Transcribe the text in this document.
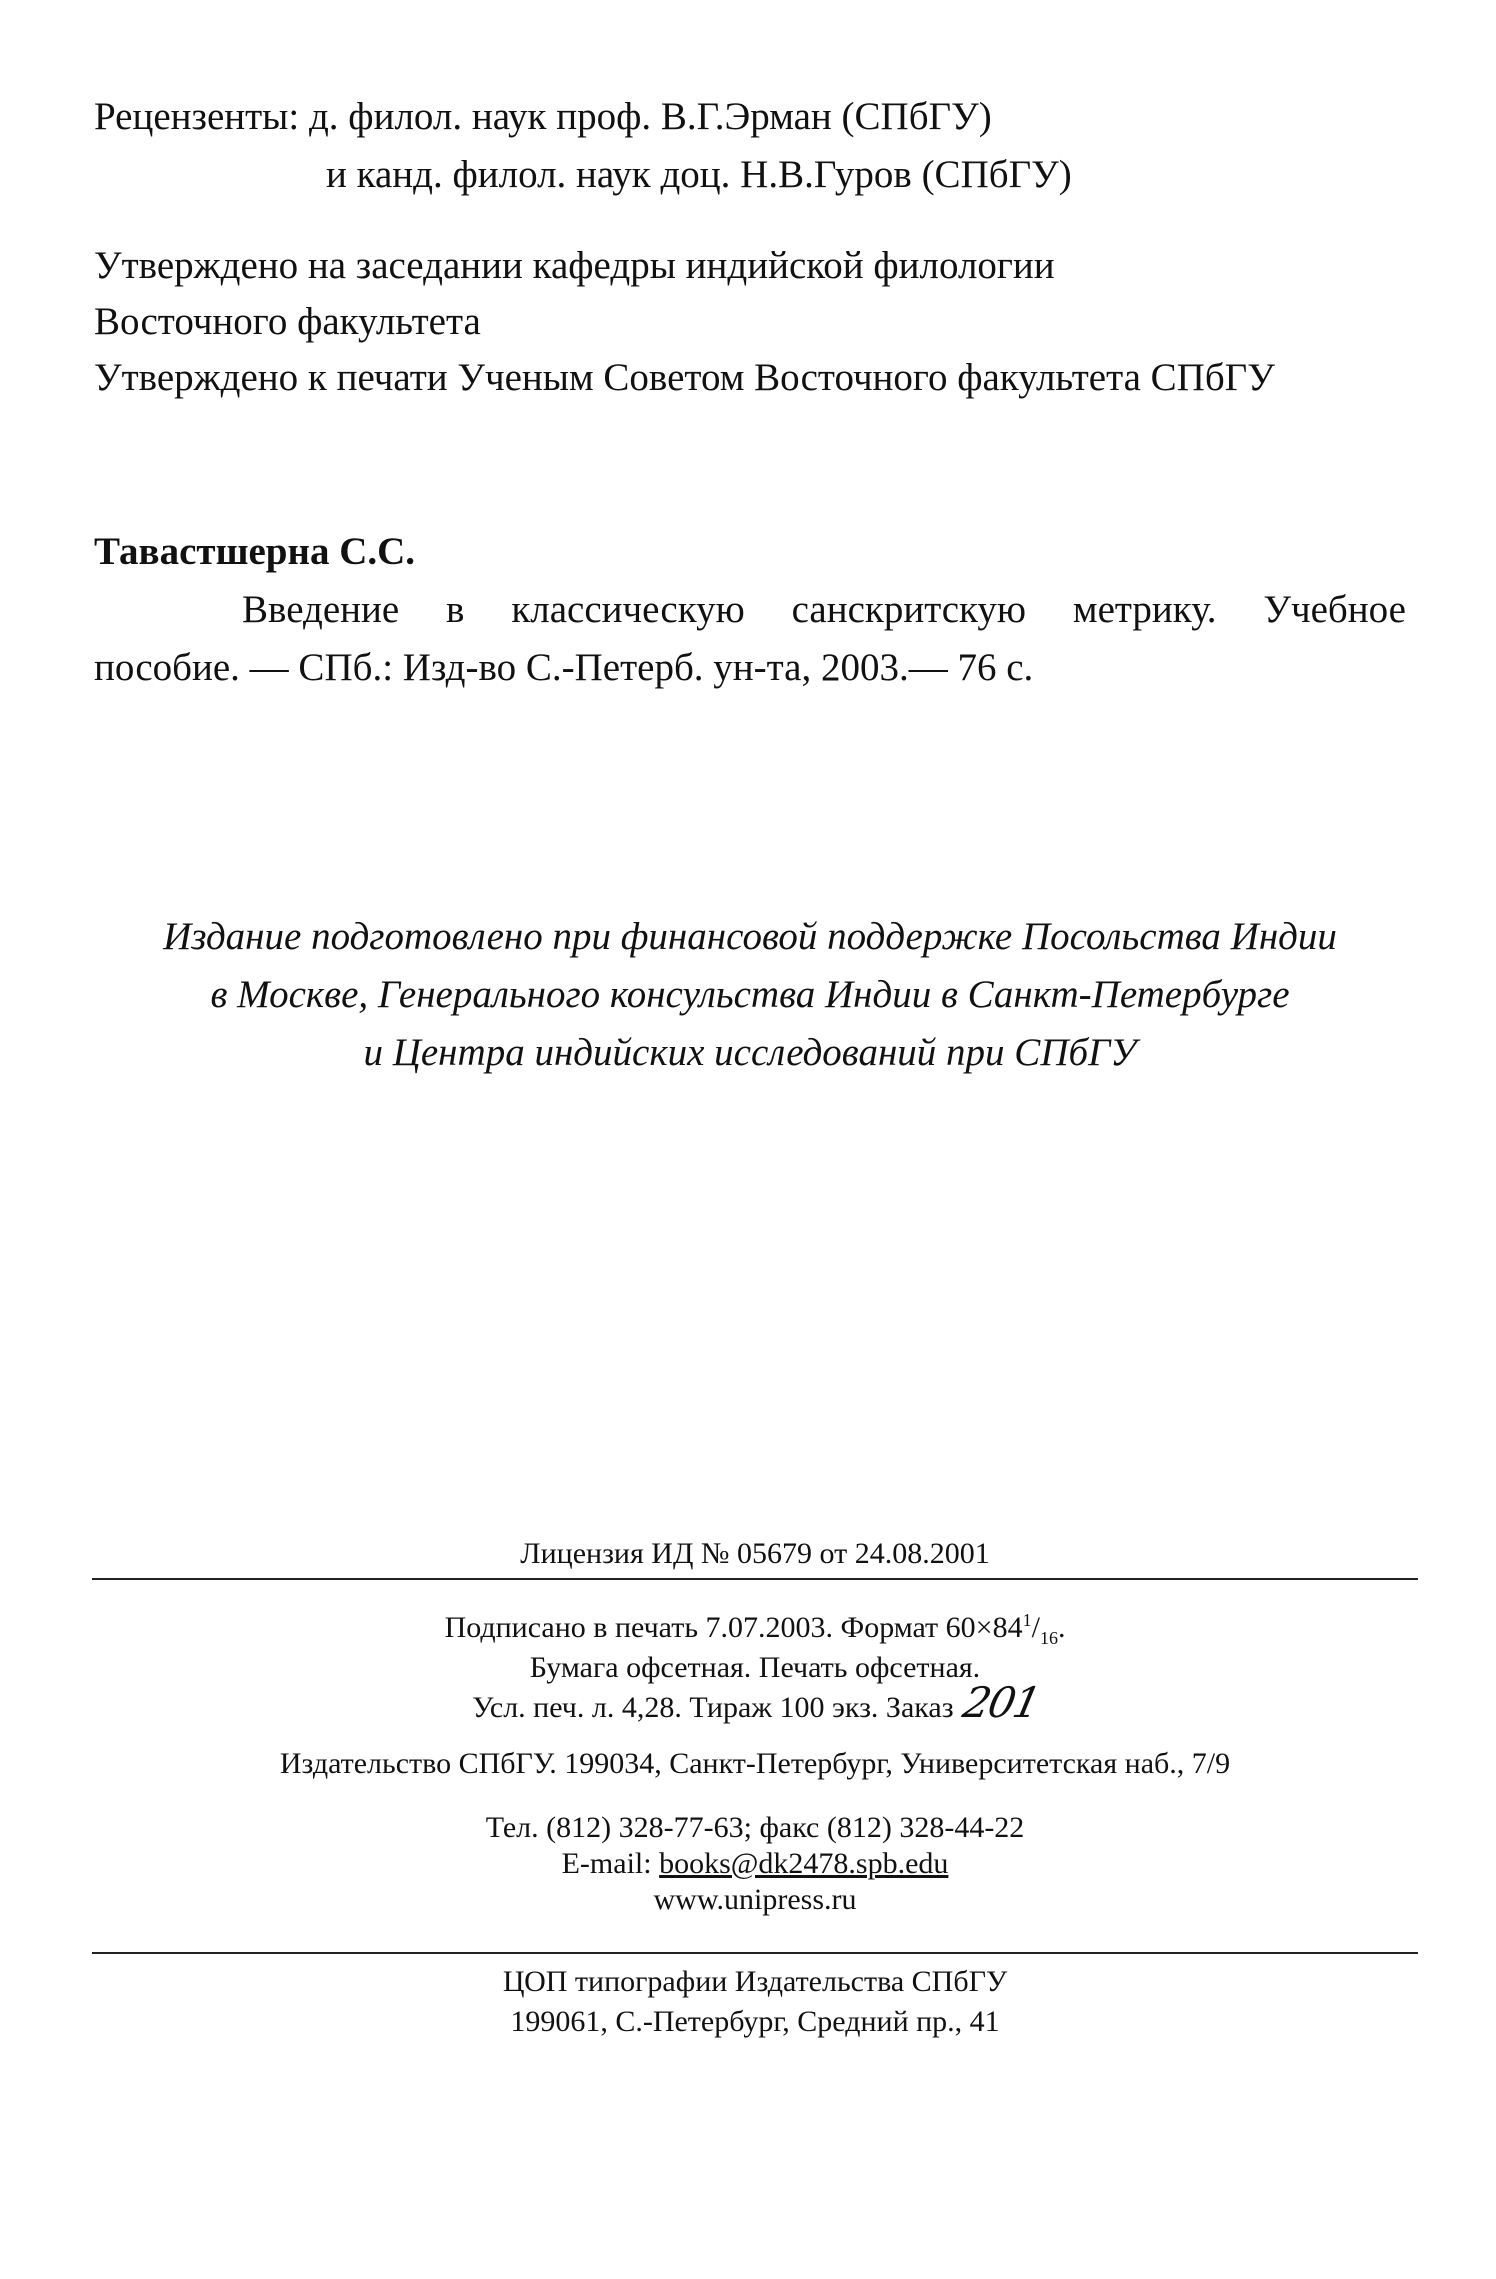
Рецензенты: д. филол. наук проф. В.Г.Эрман (СПбГУ)
и канд. филол. наук доц. Н.В.Гуров (СПбГУ)
Утверждено на заседании кафедры индийской филологии
Восточного факультета
Утверждено к печати Ученым Советом Восточного факультета СПбГУ
Тавастшерна С.С.
Введение в классическую санскритскую метрику. Учебное
пособие. — СПб.: Изд-во С.-Петерб. ун-та, 2003.— 76 с.
Издание подготовлено при финансовой поддержке Посольства Индии
в Москве, Генерального консульства Индии в Санкт-Петербурге
и Центра индийских исследований при СПбГУ
Лицензия ИД № 05679 от 24.08.2001
Подписано в печать 7.07.2003. Формат $60\times 84^1/_{16}$.
Бумага офсетная. Печать офсетная.
Усл. печ. л. 4,28. Тираж 100 экз. Заказ 201
Издательство СПбГУ. 199034, Санкт-Петербург, Университетская наб., 7/9
Тел. (812) 328-77-63; факс (812) 328-44-22
E-mail: books@dk2478.spb.edu
www.unipress.ru
ЦОП типографии Издательства СПбГУ
199061, С.-Петербург, Средний пр., 41
